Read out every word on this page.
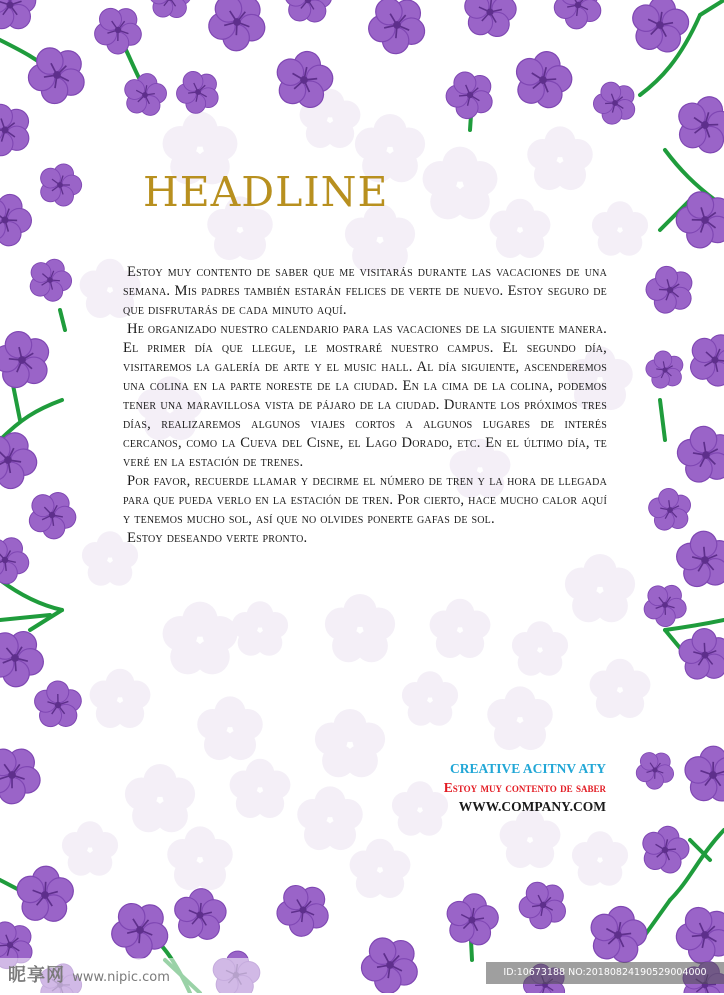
HEADLINE

Estoy muy contento de saber que me visitarás durante las vacaciones de una semana. Mis padres también estarán felices de verte de nuevo. Estoy seguro de que disfrutarás de cada minuto aquí.

He organizado nuestro calendario para las vacaciones de la siguiente manera. El primer día que llegue, le mostraré nuestro campus. El segundo día, visitaremos la galería de arte y el music hall. Al día siguiente, ascenderemos una colina en la parte noreste de la ciudad. En la cima de la colina, podemos tener una maravillosa vista de pájaro de la ciudad. Durante los próximos tres días, realizaremos algunos viajes cortos a algunos lugares de interés cercanos, como la Cueva del Cisne, el Lago Dorado, etc. En el último día, te veré en la estación de trenes.

Por favor, recuerde llamar y decirme el número de tren y la hora de llegada para que pueda verlo en la estación de tren. Por cierto, hace mucho calor aquí y tenemos mucho sol, así que no olvides ponerte gafas de sol.

Estoy deseando verte pronto.

CREATIVE ACITNV ATY
Estoy muy contento de saber
WWW.COMPANY.COM
昵享网 www.nipic.com	ID:10673188 NO:20180824190529004000
